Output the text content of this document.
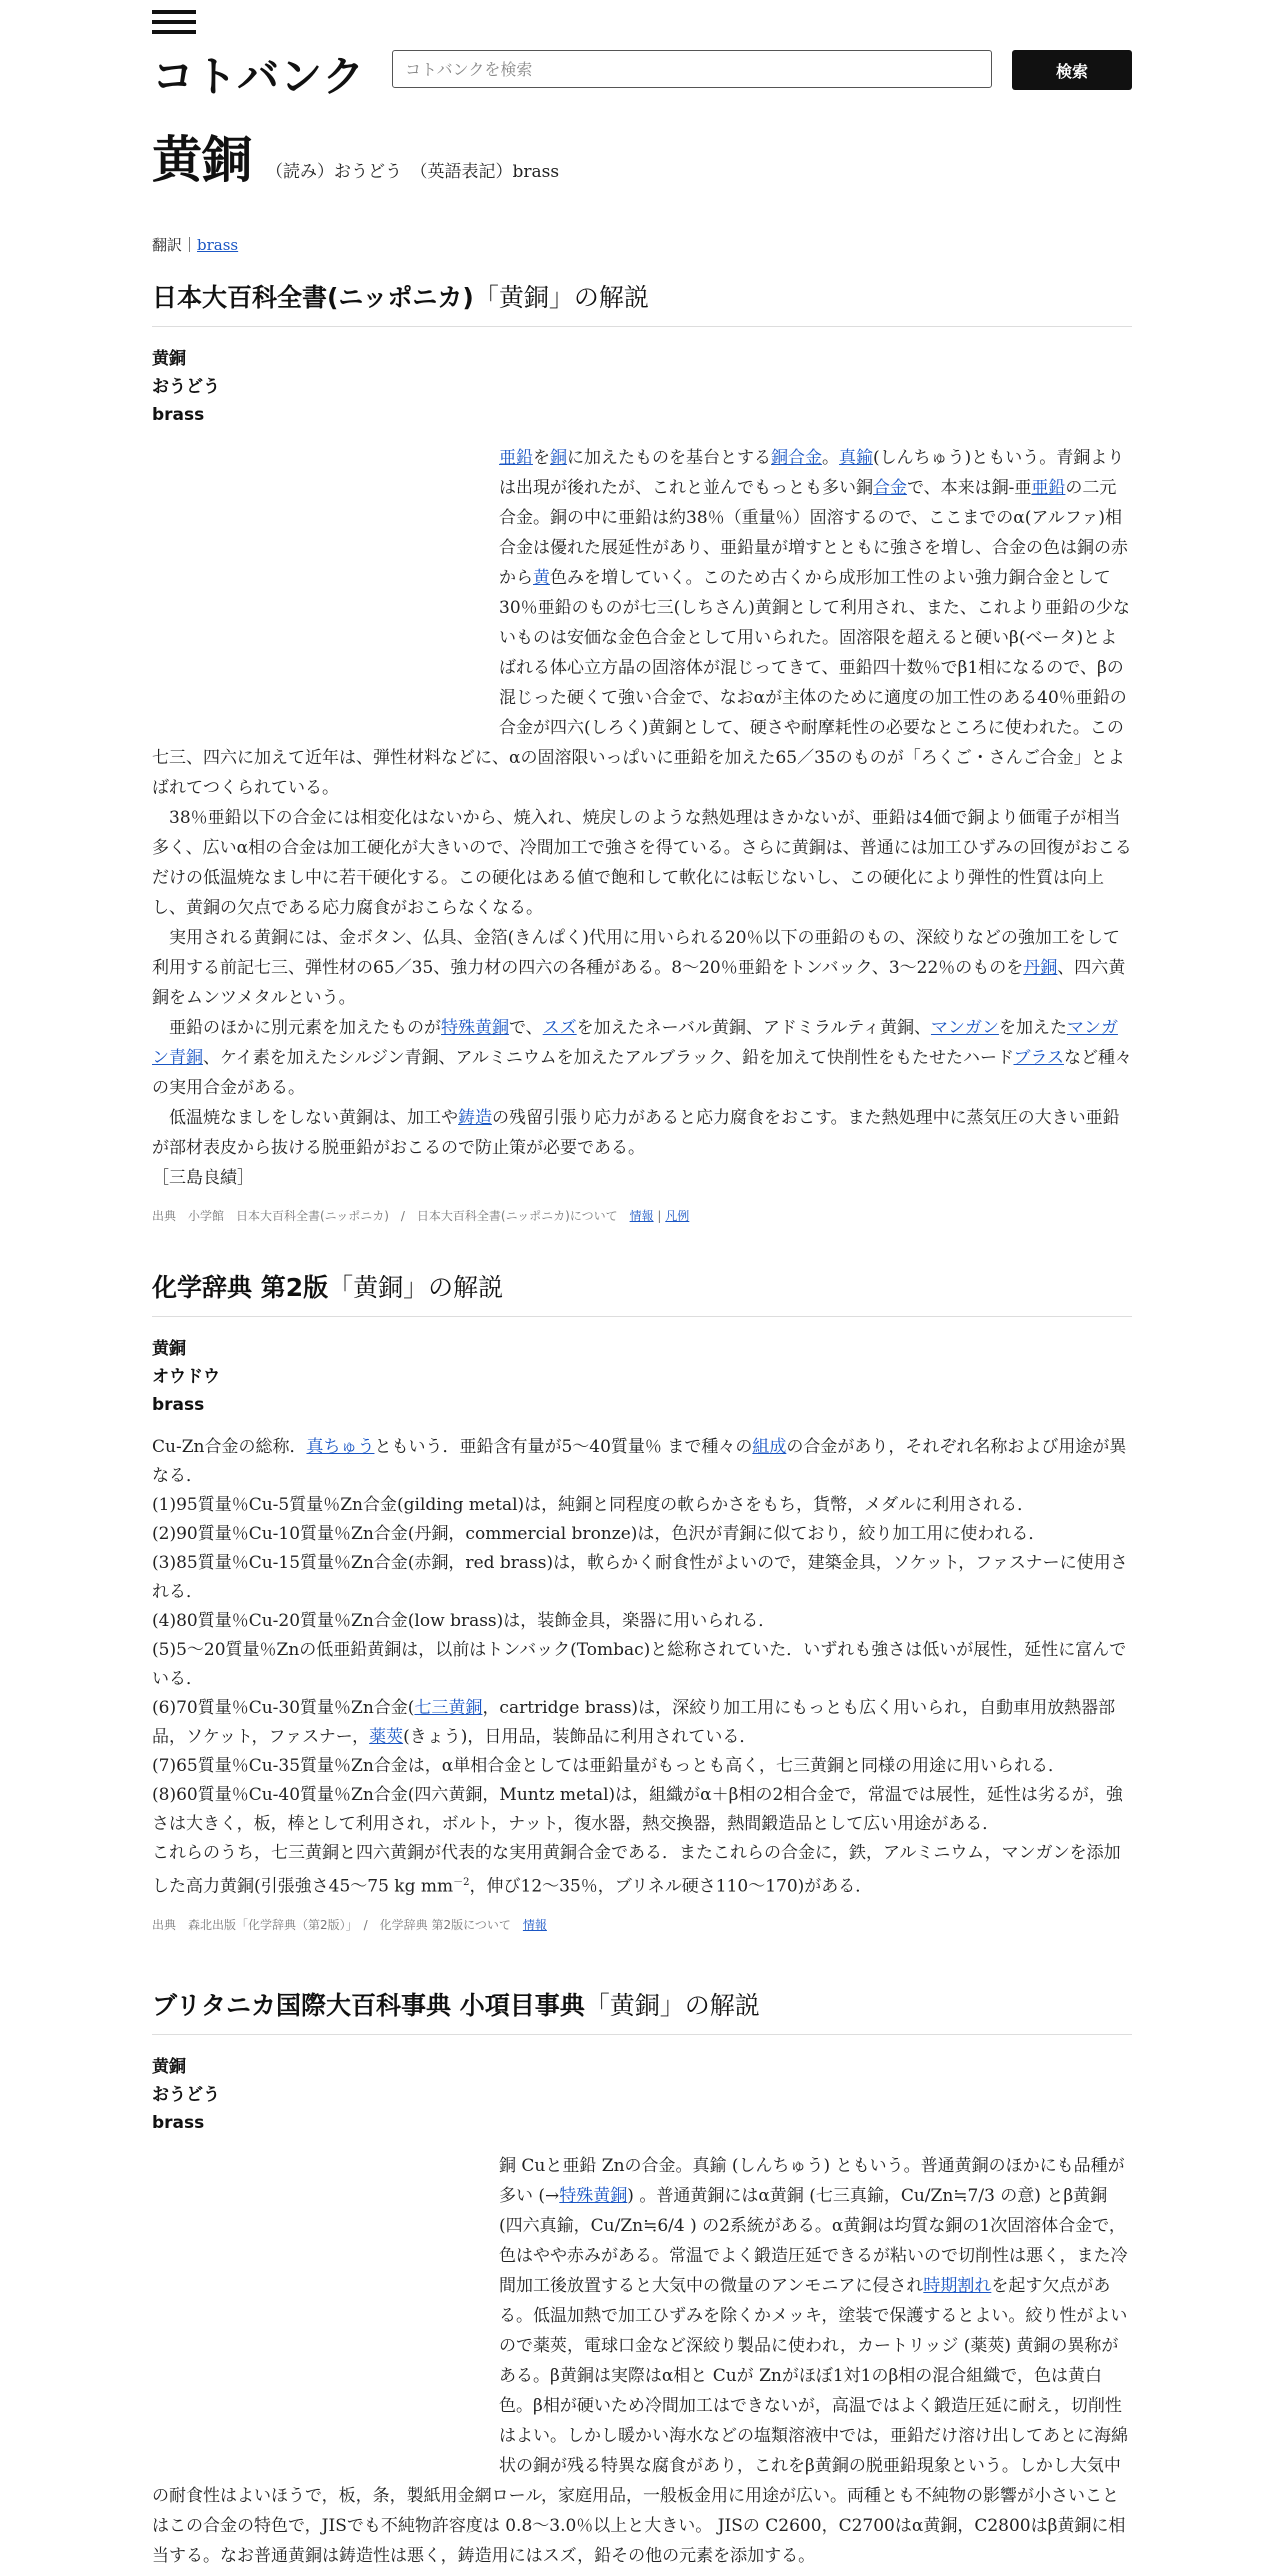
コトバンク
コトバンクを検索	検索
黄銅 （読み）おうどう　（英語表記）brass
翻訳｜brass
日本大百科全書(ニッポニカ)「黄銅」の解説
黄銅
おうどう
brass

亜鉛を銅に加えたものを基台とする銅合金。真鍮(しんちゅう)ともいう。青銅よりは出現が後れたが、これと並んでもっとも多い銅合金で、本来は銅‐亜亜鉛の二元合金。銅の中に亜鉛は約38％（重量％）固溶するので、ここまでのα(アルファ)相合金は優れた展延性があり、亜鉛量が増すとともに強さを増し、合金の色は銅の赤から黄色みを増していく。このため古くから成形加工性のよい強力銅合金として30％亜鉛のものが七三(しちさん)黄銅として利用され、また、これより亜鉛の少ないものは安価な金色合金として用いられた。固溶限を超えると硬いβ(ベータ)とよばれる体心立方晶の固溶体が混じってきて、亜鉛四十数％でβ1相になるので、βの混じった硬くて強い合金で、なおαが主体のために適度の加工性のある40％亜鉛の合金が四六(しろく)黄銅として、硬さや耐摩耗性の必要なところに使われた。この七三、四六に加えて近年は、弾性材料などに、αの固溶限いっぱいに亜鉛を加えた65／35のものが「ろくご・さんご合金」とよばれてつくられている。

　38％亜鉛以下の合金には相変化はないから、焼入れ、焼戻しのような熱処理はきかないが、亜鉛は4価で銅より価電子が相当多く、広いα相の合金は加工硬化が大きいので、冷間加工で強さを得ている。さらに黄銅は、普通には加工ひずみの回復がおこるだけの低温焼なまし中に若干硬化する。この硬化はある値で飽和して軟化には転じないし、この硬化により弾性的性質は向上し、黄銅の欠点である応力腐食がおこらなくなる。

　実用される黄銅には、金ボタン、仏具、金箔(きんぱく)代用に用いられる20％以下の亜鉛のもの、深絞りなどの強加工をして利用する前記七三、弾性材の65／35、強力材の四六の各種がある。8～20％亜鉛をトンバック、3～22％のものを丹銅、四六黄銅をムンツメタルという。

　亜鉛のほかに別元素を加えたものが特殊黄銅で、スズを加えたネーバル黄銅、アドミラルティ黄銅、マンガンを加えたマンガン青銅、ケイ素を加えたシルジン青銅、アルミニウムを加えたアルブラック、鉛を加えて快削性をもたせたハードブラスなど種々の実用合金がある。

　低温焼なましをしない黄銅は、加工や鋳造の残留引張り応力があると応力腐食をおこす。また熱処理中に蒸気圧の大きい亜鉛が部材表皮から抜ける脱亜鉛がおこるので防止策が必要である。

［三島良績］

出典　小学館　日本大百科全書(ニッポニカ)　/　日本大百科全書(ニッポニカ)について　情報 | 凡例
化学辞典 第2版「黄銅」の解説
黄銅
オウドウ
brass

Cu-Zn合金の総称．真ちゅうともいう．亜鉛含有量が5～40質量％ まで種々の組成の合金があり，それぞれ名称および用途が異なる．

(1)95質量％Cu-5質量％Zn合金(gilding metal)は，純銅と同程度の軟らかさをもち，貨幣，メダルに利用される．

(2)90質量％Cu-10質量％Zn合金(丹銅，commercial bronze)は，色沢が青銅に似ており，絞り加工用に使われる．

(3)85質量％Cu-15質量％Zn合金(赤銅，red brass)は，軟らかく耐食性がよいので，建築金具，ソケット，ファスナーに使用される．

(4)80質量％Cu-20質量％Zn合金(low brass)は，装飾金具，楽器に用いられる．

(5)5～20質量％Znの低亜鉛黄銅は，以前はトンバック(Tombac)と総称されていた．いずれも強さは低いが展性，延性に富んでいる．

(6)70質量％Cu-30質量％Zn合金(七三黄銅，cartridge brass)は，深絞り加工用にもっとも広く用いられ，自動車用放熱器部品，ソケット，ファスナー，薬莢(きょう)，日用品，装飾品に利用されている．

(7)65質量％Cu-35質量％Zn合金は，α単相合金としては亜鉛量がもっとも高く，七三黄銅と同様の用途に用いられる．

(8)60質量％Cu-40質量％Zn合金(四六黄銅，Muntz metal)は，組織がα＋β相の2相合金で，常温では展性，延性は劣るが，強さは大きく，板，棒として利用され，ボルト，ナット，復水器，熱交換器，熱間鍛造品として広い用途がある．

これらのうち，七三黄銅と四六黄銅が代表的な実用黄銅合金である．またこれらの合金に，鉄，アルミニウム，マンガンを添加した高力黄銅(引張強さ45～75 kg $mm^{-2}$，伸び12～35％，ブリネル硬さ110～170)がある．

出典　森北出版「化学辞典（第2版）」　/　化学辞典 第2版について　情報
ブリタニカ国際大百科事典 小項目事典「黄銅」の解説
黄銅
おうどう
brass

銅 Cuと亜鉛 Znの合金。真鍮 (しんちゅう) ともいう。普通黄銅のほかにも品種が多い (→特殊黄銅) 。普通黄銅にはα黄銅 (七三真鍮，Cu/Zn≒7/3 の意) とβ黄銅 (四六真鍮，Cu/Zn≒6/4 ) の2系統がある。α黄銅は均質な銅の1次固溶体合金で，色はやや赤みがある。常温でよく鍛造圧延できるが粘いので切削性は悪く，また冷間加工後放置すると大気中の微量のアンモニアに侵され時期割れを起す欠点がある。低温加熱で加工ひずみを除くかメッキ，塗装で保護するとよい。絞り性がよいので薬莢，電球口金など深絞り製品に使われ，カートリッジ (薬莢) 黄銅の異称がある。β黄銅は実際はα相と Cuが Znがほぼ1対1のβ相の混合組織で，色は黄白色。β相が硬いため冷間加工はできないが，高温ではよく鍛造圧延に耐え，切削性はよい。しかし暖かい海水などの塩類溶液中では，亜鉛だけ溶け出してあとに海綿状の銅が残る特異な腐食があり，これをβ黄銅の脱亜鉛現象という。しかし大気中の耐食性はよいほうで，板，条，製紙用金網ロール，家庭用品，一般板金用に用途が広い。両種とも不純物の影響が小さいことはこの合金の特色で，JISでも不純物許容度は 0.8～3.0％以上と大きい。 JISの C2600，C2700はα黄銅，C2800はβ黄銅に相当する。なお普通黄銅は鋳造性は悪く，鋳造用にはスズ，鉛その他の元素を添加する。
